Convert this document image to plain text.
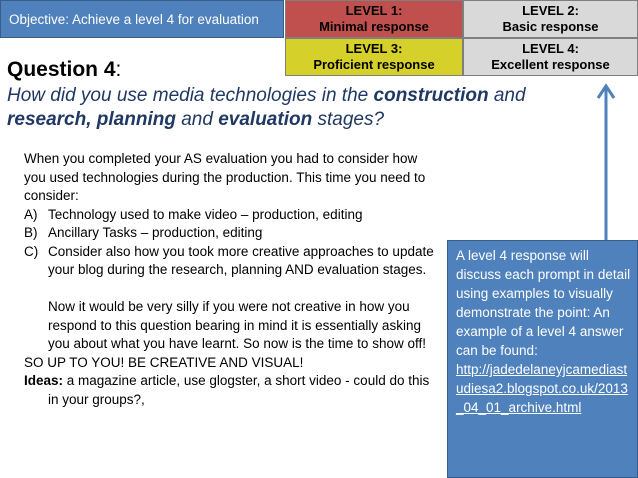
Objective: Achieve a level 4 for evaluation
LEVEL 1:
Minimal response
LEVEL 2:
Basic response
LEVEL 3:
Proficient response
LEVEL 4:
Excellent response
Question 4:
How did you use media technologies in the construction and research, planning and evaluation stages?

When you completed your AS evaluation you had to consider how you used technologies during the production. This time you need to consider:

A) Technology used to make video – production, editing
B) Ancillary Tasks – production, editing
C) Consider also how you took more creative approaches to update your blog during the research, planning AND evaluation stages.

Now it would be very silly if you were not creative in how you respond to this question bearing in mind it is essentially asking you about what you have learnt. So now is the time to show off!

SO UP TO YOU! BE CREATIVE AND VISUAL!

Ideas: a magazine article, use glogster, a short video - could do this in your groups?,

A level 4 response will discuss each prompt in detail using examples to visually demonstrate the point: An example of a level 4 answer can be found:
http://jadedelaneyjcamediastudiesa2.blogspot.co.uk/2013_04_01_archive.html
